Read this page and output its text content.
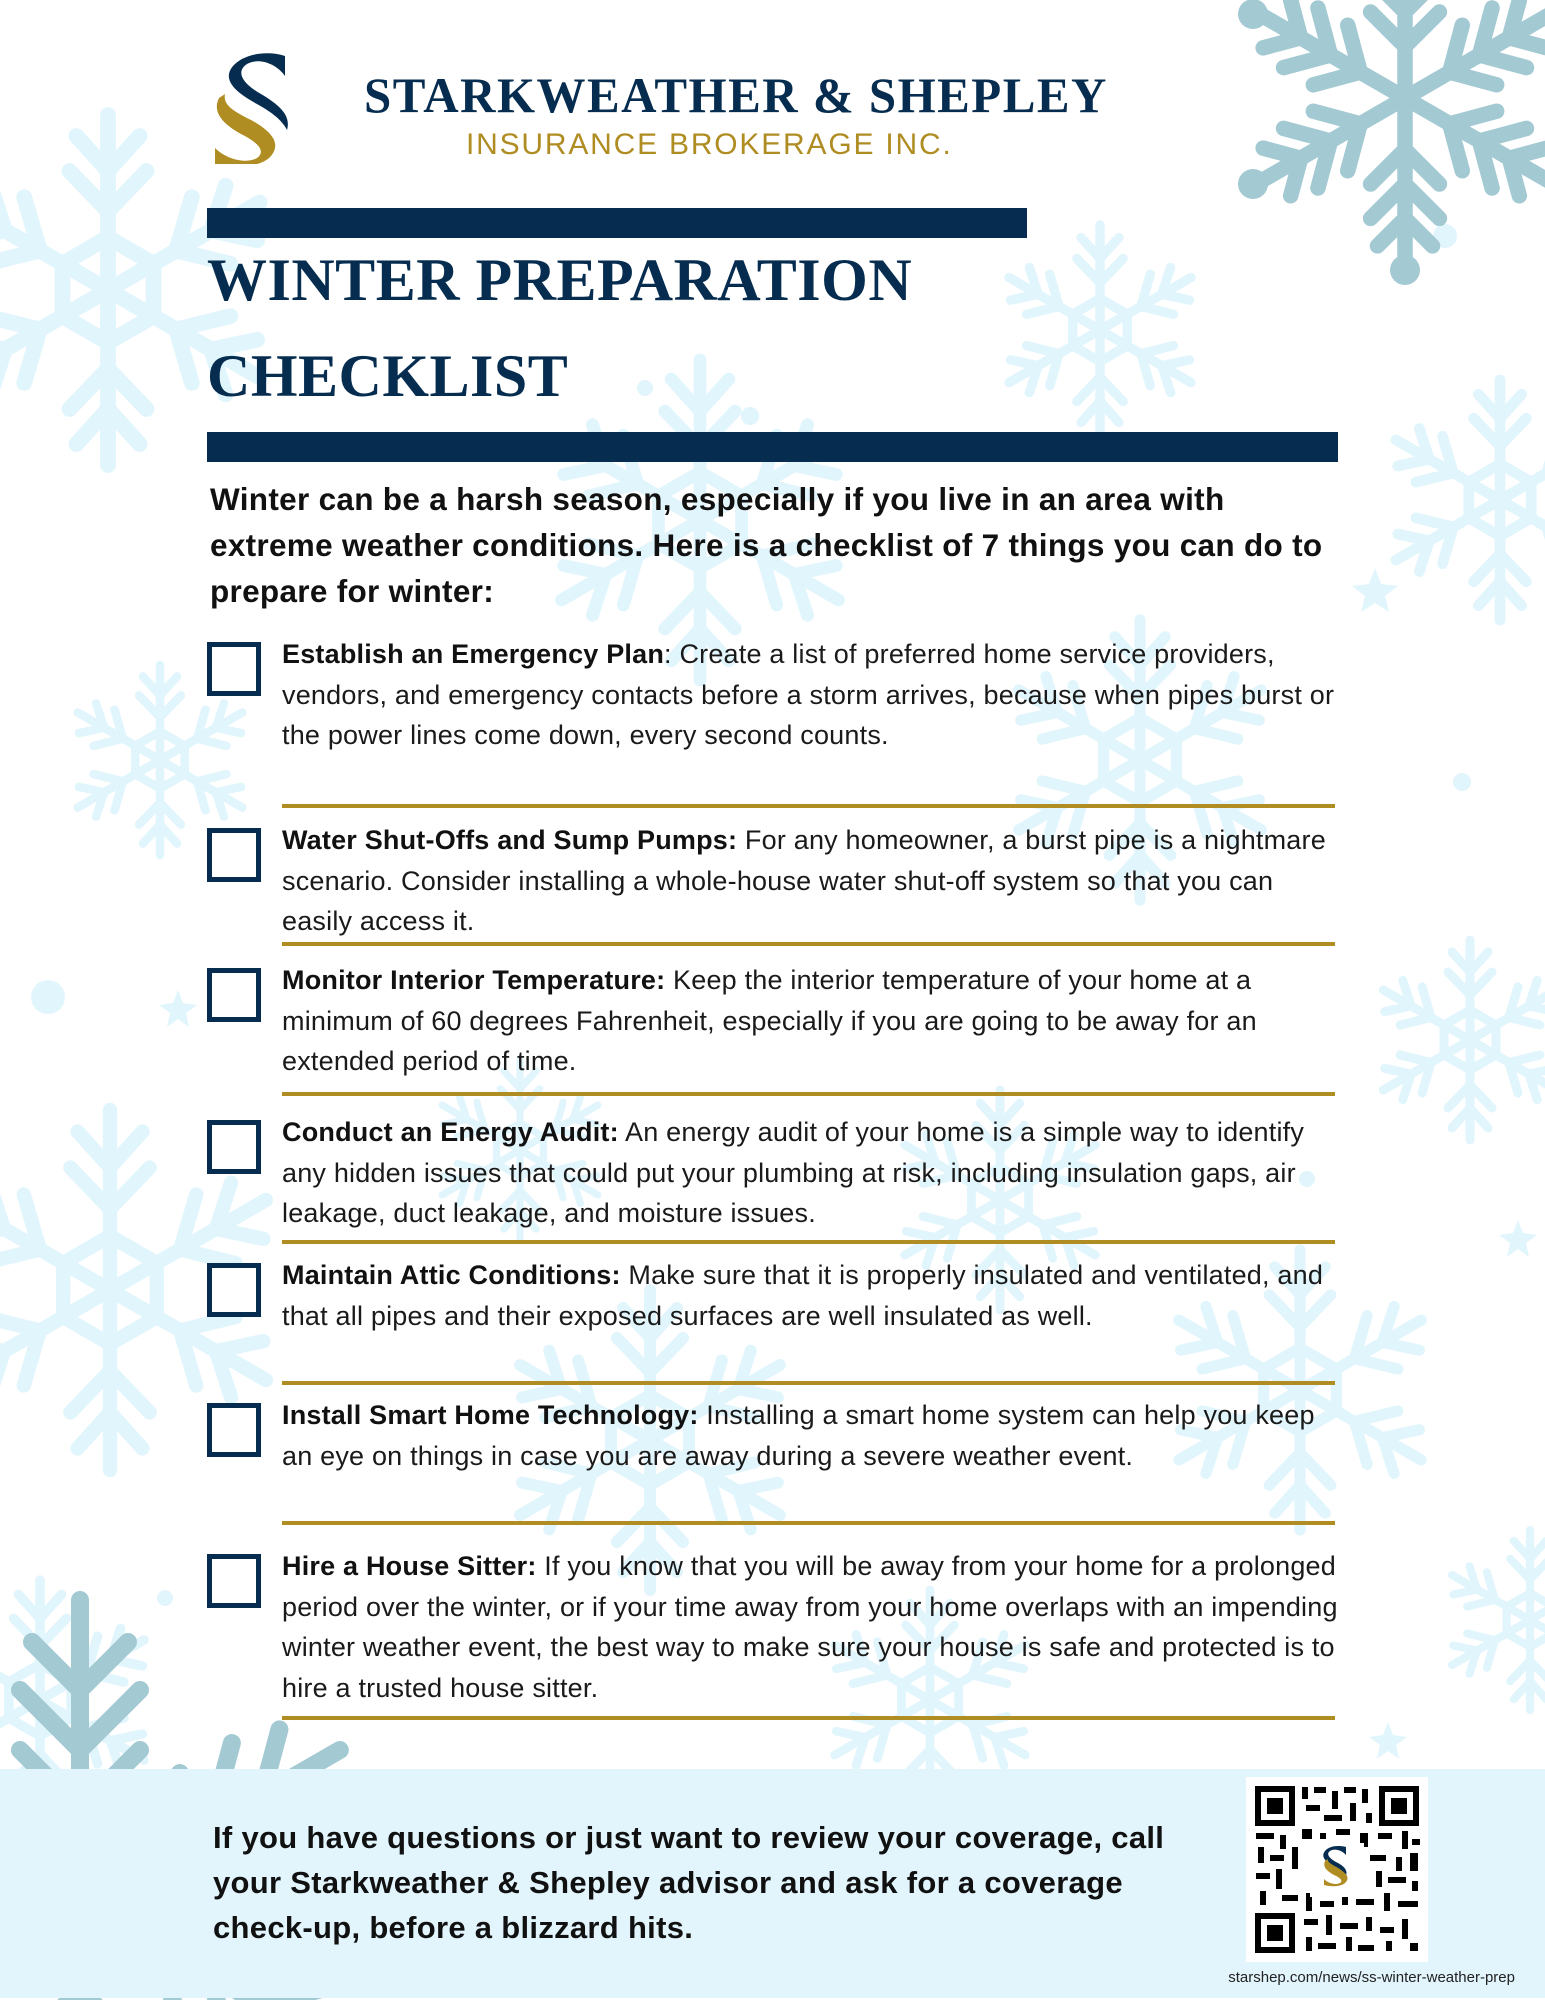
STARKWEATHER & SHEPLEY
INSURANCE BROKERAGE INC.
WINTER PREPARATION
CHECKLIST
Winter can be a harsh season, especially if you live in an area with extreme weather conditions. Here is a checklist of 7 things you can do to prepare for winter:
Establish an Emergency Plan: Create a list of preferred home service providers, vendors, and emergency contacts before a storm arrives, because when pipes burst or the power lines come down, every second counts.
Water Shut-Offs and Sump Pumps: For any homeowner, a burst pipe is a nightmare scenario. Consider installing a whole-house water shut-off system so that you can easily access it.
Monitor Interior Temperature: Keep the interior temperature of your home at a minimum of 60 degrees Fahrenheit, especially if you are going to be away for an extended period of time.
Conduct an Energy Audit: An energy audit of your home is a simple way to identify any hidden issues that could put your plumbing at risk, including insulation gaps, air leakage, duct leakage, and moisture issues.
Maintain Attic Conditions: Make sure that it is properly insulated and ventilated, and that all pipes and their exposed surfaces are well insulated as well.
Install Smart Home Technology: Installing a smart home system can help you keep an eye on things in case you are away during a severe weather event.
Hire a House Sitter: If you know that you will be away from your home for a prolonged period over the winter, or if your time away from your home overlaps with an impending winter weather event, the best way to make sure your house is safe and protected is to hire a trusted house sitter.
If you have questions or just want to review your coverage, call your Starkweather & Shepley advisor and ask for a coverage check-up, before a blizzard hits.
starshep.com/news/ss-winter-weather-prep
